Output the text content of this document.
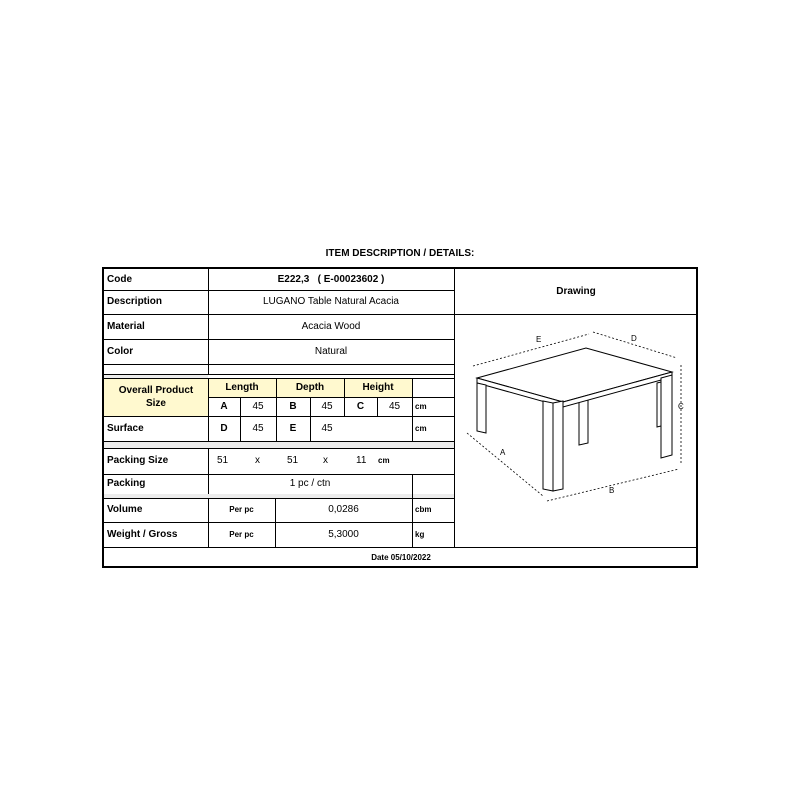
ITEM DESCRIPTION / DETAILS:
Code	E222,3   ( E-00023602 )
Description	LUGANO Table Natural Acacia
Drawing
Material	Acacia Wood
Color	Natural
Overall Product Size
Length	Depth	Height
A	45	B	45	C	45	cm
Surface	D	45	E	45	cm
Packing Size	51	x	51 x	11 cm
Packing	1 pc / ctn
Volume	Per pc	0,0286	cbm
Weight / Gross	Per pc	5,3000	kg
Date 05/10/2022
E	D
C
A
B
